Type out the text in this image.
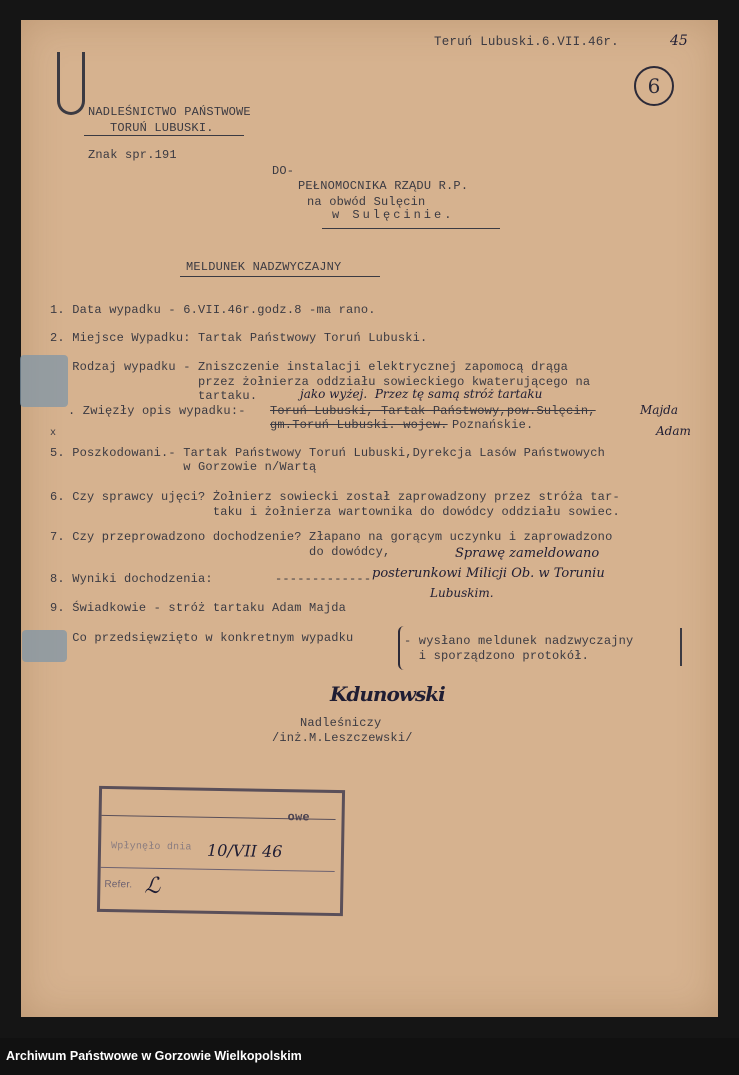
Teruń Lubuski.6.VII.46r.	45
6
NADLEŚNICTWO PAŃSTWOWE
TORUŃ LUBUSKI.
Znak spr.191
DO-
PEŁNOMOCNIKA RZĄDU R.P.
na obwód Sulęcin
w Sulęcinie.
MELDUNEK NADZWYCZAJNY
1. Data wypadku - 6.VII.46r.godz.8 -ma rano.
2. Miejsce Wypadku: Tartak Państwowy Toruń Lubuski.
Rodzaj wypadku - Zniszczenie instalacji elektrycznej zapomocą drąga
przez żołnierza oddziału sowieckiego kwaterującego na
tartaku.	jako wyżej.  Przez tę samą stróż tartaku
. Zwięzły opis wypadku:- Toruń Lubuski, Tartak Państwowy,pow.Sulęcin,	Majda
Adam
gm.Toruń Lubuski. wojew. Poznańskie.
x
5. Poszkodowani.- Tartak Państwowy Toruń Lubuski,Dyrekcja Lasów Państwowych
w Gorzowie n/Wartą
6. Czy sprawcy ujęci? Żołnierz sowiecki został zaprowadzony przez stróża tar-
taku i żołnierza wartownika do dowódcy oddziału sowiec.
7. Czy przeprowadzono dochodzenie? Złapano na gorącym uczynku i zaprowadzono
do dowódcy,	Sprawę zameldowano
posterunkowi Milicji Ob. w Toruniu
Lubuskim.
8. Wyniki dochodzenia:	-------------
9. Świadkowie - stróż tartaku Adam Majda
Co przedsięwzięto w konkretnym wypadku	- wysłano meldunek nadzwyczajny
i sporządzono protokół.
Kdunowski
Nadleśniczy
/inż.M.Leszczewski/
owe
Wpłynęło dnia 10/VII 46
Refer. ℒ
Archiwum Państwowe w Gorzowie Wielkopolskim
